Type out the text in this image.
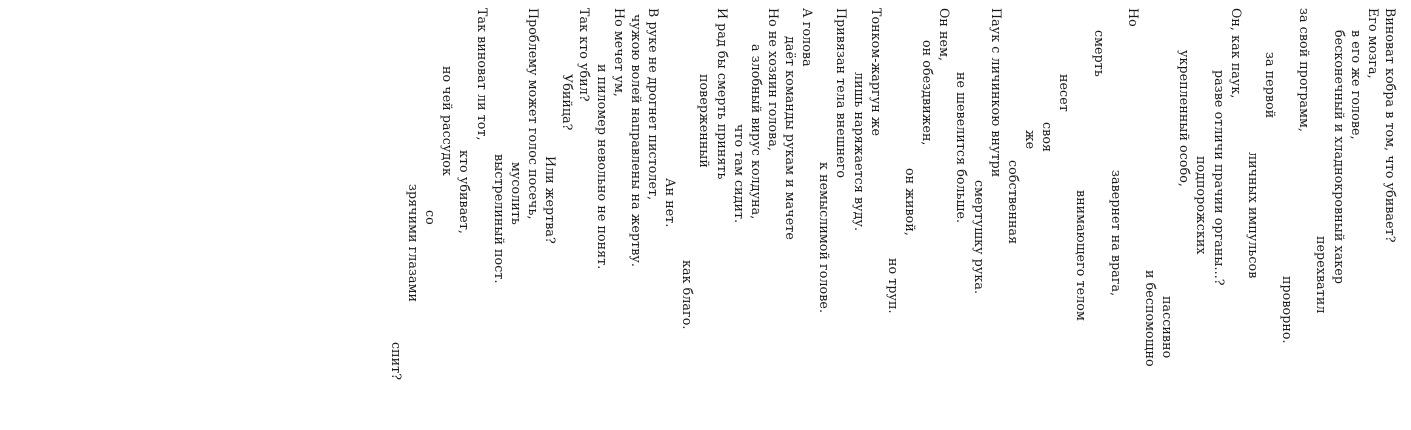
Виноват кобра в том, что убивает?
Его мозга,
в его же голове,
бесконечный и хладнокровный хакер
перехватил
за свой программ,
проворно.
за первой
личных импульсов
Он, как паук,
разве отличи прачии органы...?
подпорожских
укрепленный особо,
пассивно
и беспомощно
Но
завернет на врага,
смерть
внимающего телом
несет
своя
же
собственная
Паук с личинкою внутри
смертушку рука.
не шевелится больше.
Он нем,
он обездвижен,
он живой,
но труп.
Тонком-жаргун же
лишь наряжается вуду.
Привязан тела внешнего
к немыслимой голове.
А голова
даёт команды рукам и мачете
Но не хозяин голова,
а злобный вирус колдуна,
что там сидит.
И рад бы смерть принять
поверженный
как благо.
Ан нет.
В руке не дрогнет пистолет,
чужою волей направлены на жертву.
Но мечет ум,
и пиломер невольно не понят.
Так кто убил?
Убийца?
Или жертва?
Проблему может голос посечь,
мусолить
выстрелиный пост.
Так виноват ли тот,
кто убивает,
но чей рассудок
со
зрячими глазами
спит?
